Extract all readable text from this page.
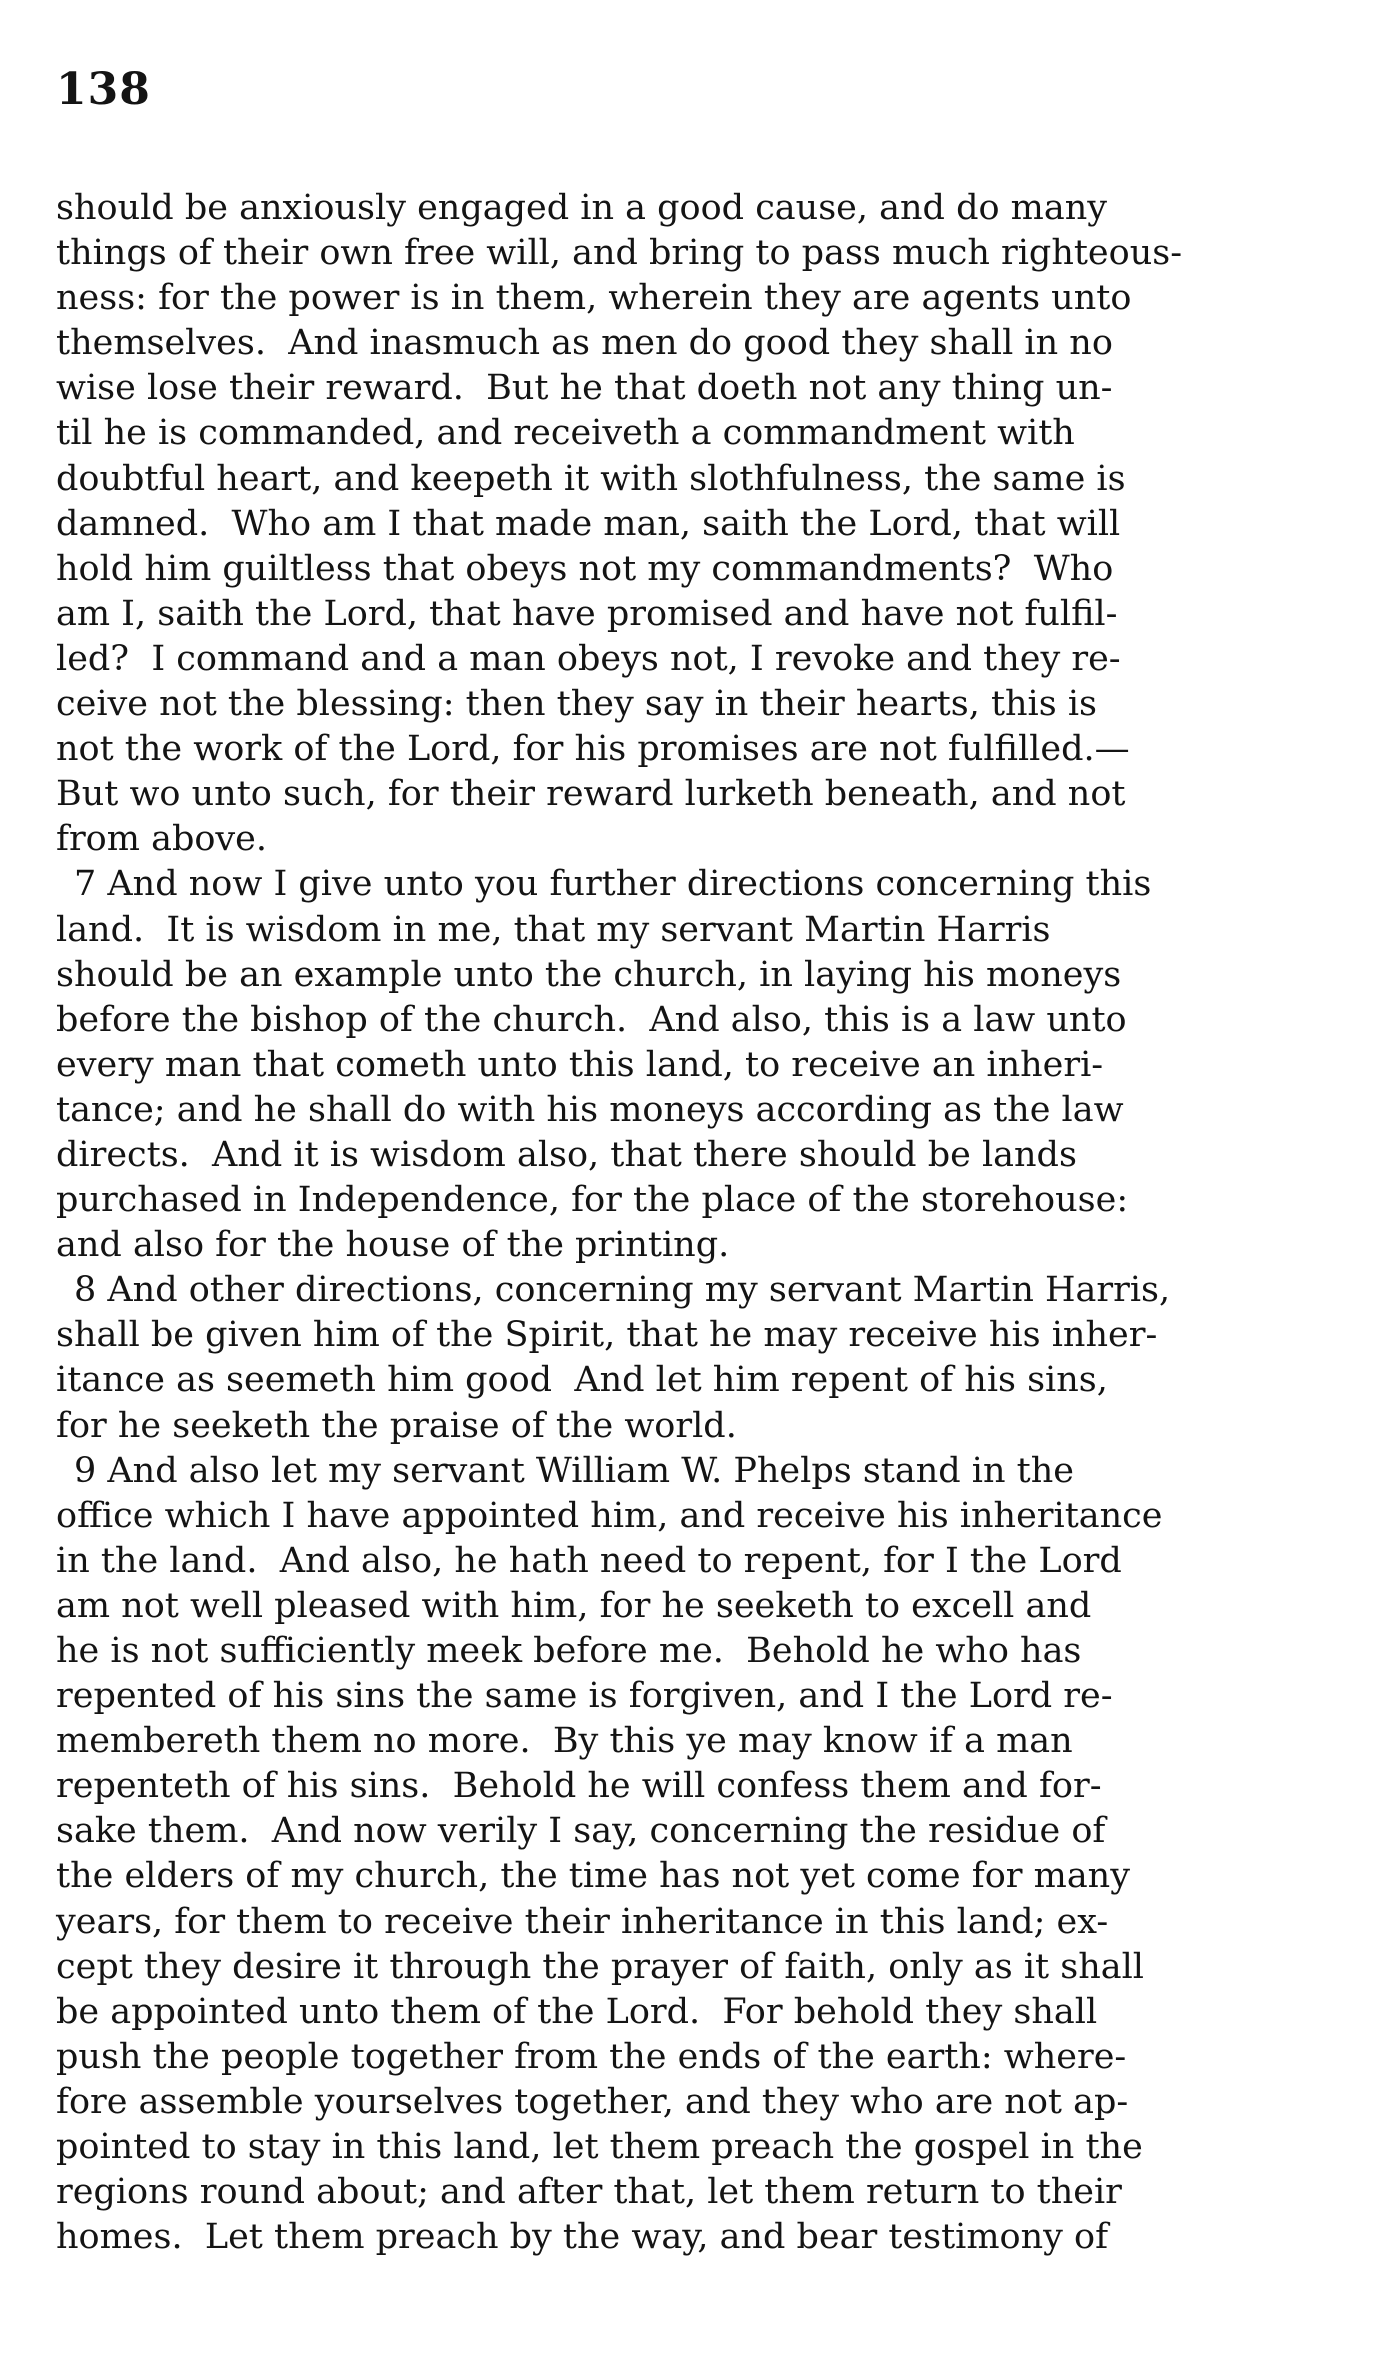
138
should be anxiously engaged in a good cause, and do many
things of their own free will, and bring to pass much righteous-
ness: for the power is in them, wherein they are agents unto
themselves.  And inasmuch as men do good they shall in no
wise lose their reward.  But he that doeth not any thing un-
til he is commanded, and receiveth a commandment with
doubtful heart, and keepeth it with slothfulness, the same is
damned.  Who am I that made man, saith the Lord, that will
hold him guiltless that obeys not my commandments?  Who
am I, saith the Lord, that have promised and have not fulfil-
led?  I command and a man obeys not, I revoke and they re-
ceive not the blessing: then they say in their hearts, this is
not the work of the Lord, for his promises are not fulfilled.—
But wo unto such, for their reward lurketh beneath, and not
from above.
7 And now I give unto you further directions concerning this
land.  It is wisdom in me, that my servant Martin Harris
should be an example unto the church, in laying his moneys
before the bishop of the church.  And also, this is a law unto
every man that cometh unto this land, to receive an inheri-
tance; and he shall do with his moneys according as the law
directs.  And it is wisdom also, that there should be lands
purchased in Independence, for the place of the storehouse:
and also for the house of the printing.
8 And other directions, concerning my servant Martin Harris,
shall be given him of the Spirit, that he may receive his inher-
itance as seemeth him good  And let him repent of his sins,
for he seeketh the praise of the world.
9 And also let my servant William W. Phelps stand in the
office which I have appointed him, and receive his inheritance
in the land.  And also, he hath need to repent, for I the Lord
am not well pleased with him, for he seeketh to excell and
he is not sufficiently meek before me.  Behold he who has
repented of his sins the same is forgiven, and I the Lord re-
membereth them no more.  By this ye may know if a man
repenteth of his sins.  Behold he will confess them and for-
sake them.  And now verily I say, concerning the residue of
the elders of my church, the time has not yet come for many
years, for them to receive their inheritance in this land; ex-
cept they desire it through the prayer of faith, only as it shall
be appointed unto them of the Lord.  For behold they shall
push the people together from the ends of the earth: where-
fore assemble yourselves together, and they who are not ap-
pointed to stay in this land, let them preach the gospel in the
regions round about; and after that, let them return to their
homes.  Let them preach by the way, and bear testimony of
